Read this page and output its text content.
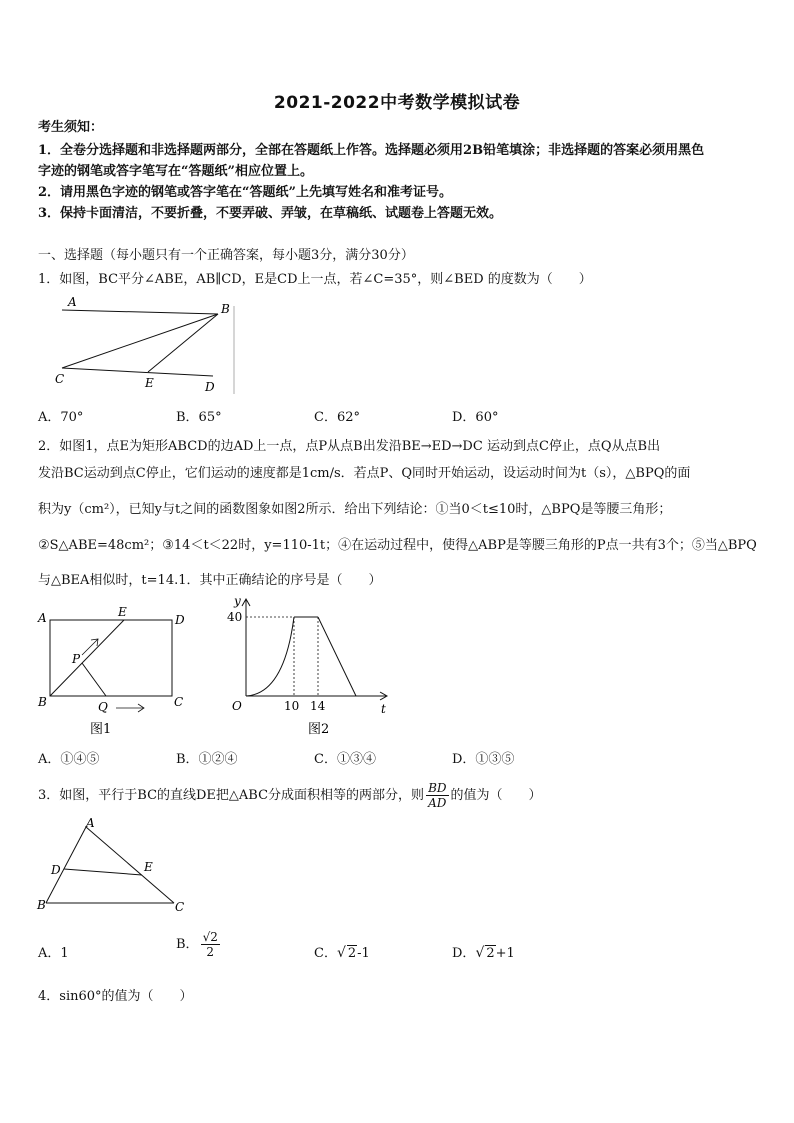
2021-2022中考数学模拟试卷
考生须知：
1．全卷分选择题和非选择题两部分，全部在答题纸上作答。选择题必须用2B铅笔填涂；非选择题的答案必须用黑色
字迹的钢笔或答字笔写在“答题纸”相应位置上。
2．请用黑色字迹的钢笔或答字笔在“答题纸”上先填写姓名和准考证号。
3．保持卡面清洁，不要折叠，不要弄破、弄皱，在草稿纸、试题卷上答题无效。
一、选择题（每小题只有一个正确答案，每小题3分，满分30分）
1．如图，BC平分∠ABE，AB∥CD，E是CD上一点，若∠C=35°，则∠BED 的度数为（　　）
A	B
C	E	D
A．70°	B．65°	C．62°	D．60°
2．如图1，点E为矩形ABCD的边AD上一点，点P从点B出发沿BE→ED→DC 运动到点C停止，点Q从点B出
发沿BC运动到点C停止，它们运动的速度都是1cm/s．若点P、Q同时开始运动，设运动时间为t（s），△BPQ的面
积为y（cm²），已知y与t之间的函数图象如图2所示．给出下列结论：①当0＜t≤10时，△BPQ是等腰三角形；
②S△ABE=48cm²；③14＜t＜22时，y=110-1t；④在运动过程中，使得△ABP是等腰三角形的P点一共有3个；⑤当△BPQ
与△BEA相似时，t=14.1．其中正确结论的序号是（　　）
A	E
D
P
B	Q	C
图1
y
t
O
40
10 14
图2
A．①④⑤	B．①②④	C．①③④	D．①③⑤
3．如图，平行于BC的直线DE把△ABC分成面积相等的两部分，则 $\frac{BD}{AD}$ 的值为（　　）
A
D	E
B	C
A．1
B． $\frac{√2}{2}$	C．√ 2-1	D．√ 2+1
4．sin60°的值为（　　）
